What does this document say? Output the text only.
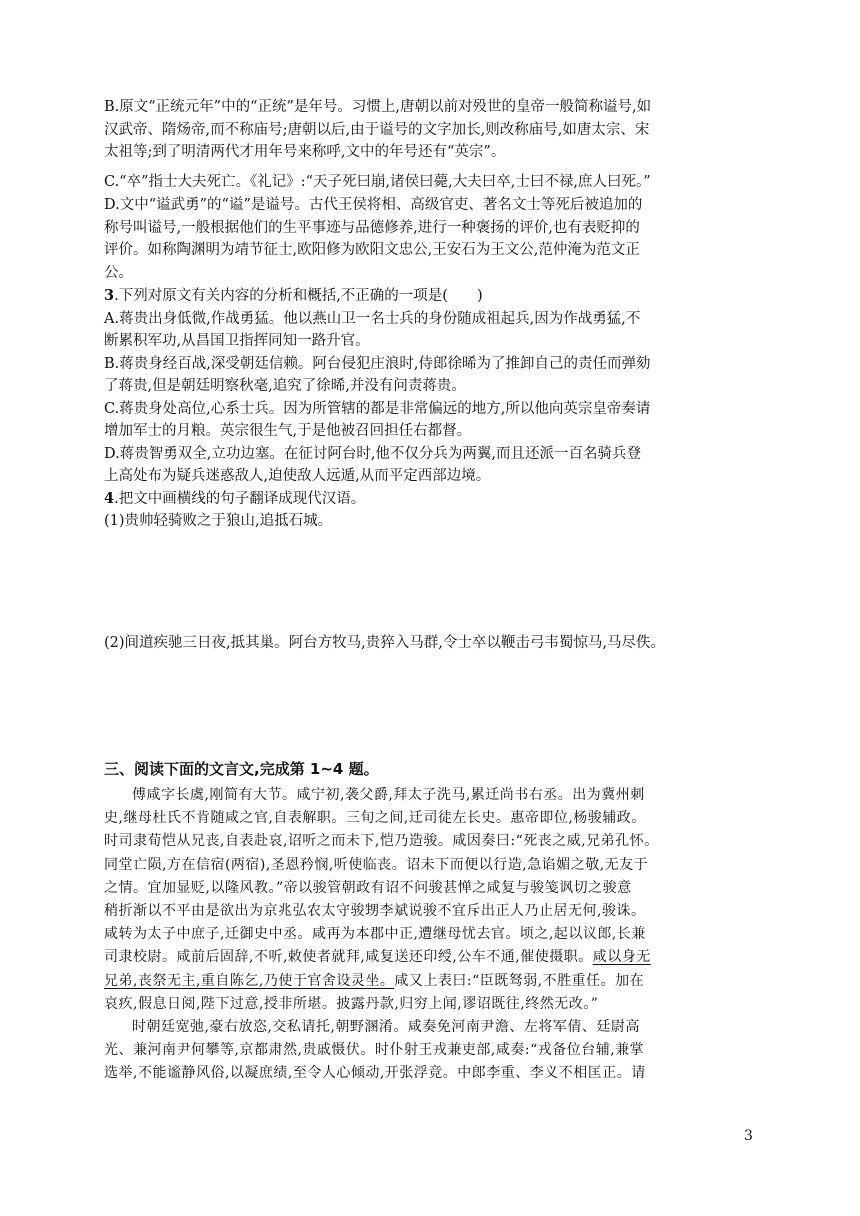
B.原文“正统元年”中的“正统”是年号。习惯上,唐朝以前对殁世的皇帝一般简称谥号,如
汉武帝、隋炀帝,而不称庙号;唐朝以后,由于谥号的文字加长,则改称庙号,如唐太宗、宋
太祖等;到了明清两代才用年号来称呼,文中的年号还有“英宗”。
C.“卒”指士大夫死亡。《礼记》:“天子死曰崩,诸侯曰薨,大夫曰卒,士曰不禄,庶人曰死。”
D.文中“谥武勇”的“谥”是谥号。古代王侯将相、高级官吏、著名文士等死后被追加的
称号叫谥号,一般根据他们的生平事迹与品德修养,进行一种褒扬的评价,也有表贬抑的
评价。如称陶渊明为靖节征士,欧阳修为欧阳文忠公,王安石为王文公,范仲淹为范文正
公。
3.下列对原文有关内容的分析和概括,不正确的一项是(　　)
A.蒋贵出身低微,作战勇猛。他以燕山卫一名士兵的身份随成祖起兵,因为作战勇猛,不
断累积军功,从昌国卫指挥同知一路升官。
B.蒋贵身经百战,深受朝廷信赖。阿台侵犯庄浪时,侍郎徐晞为了推卸自己的责任而弹劾
了蒋贵,但是朝廷明察秋毫,追究了徐晞,并没有问责蒋贵。
C.蒋贵身处高位,心系士兵。因为所管辖的都是非常偏远的地方,所以他向英宗皇帝奏请
增加军士的月粮。英宗很生气,于是他被召回担任右都督。
D.蒋贵智勇双全,立功边塞。在征讨阿台时,他不仅分兵为两翼,而且还派一百名骑兵登
上高处布为疑兵迷惑敌人,迫使敌人远遁,从而平定西部边境。
4.把文中画横线的句子翻译成现代汉语。
(1)贵帅轻骑败之于狼山,追抵石城。
(2)间道疾驰三日夜,抵其巢。阿台方牧马,贵猝入马群,令士卒以鞭击弓韦蜀惊马,马尽佚。
三、阅读下面的文言文,完成第 1~4 题。
傅咸字长虞,刚简有大节。咸宁初,袭父爵,拜太子洗马,累迁尚书右丞。出为冀州刺
史,继母杜氏不肯随咸之官,自表解职。三旬之间,迁司徒左长史。惠帝即位,杨骏辅政。
时司隶荀恺从兄丧,自表赴哀,诏听之而未下,恺乃造骏。咸因奏曰:“死丧之威,兄弟孔怀。
同堂亡陨,方在信宿(两宿),圣恩矜悯,听使临丧。诏未下而便以行造,急谄媚之敬,无友于
之情。宜加显贬,以隆风教。”帝以骏管朝政有诏不问骏甚惮之咸复与骏笺讽切之骏意
稍折渐以不平由是欲出为京兆弘农太守骏甥李斌说骏不宜斥出正人乃止居无何,骏诛。
咸转为太子中庶子,迁御史中丞。咸再为本郡中正,遭继母忧去官。顷之,起以议郎,长兼
司隶校尉。咸前后固辞,不听,敕使者就拜,咸复送还印绶,公车不通,催使摄职。咸以身无
兄弟,丧祭无主,重自陈乞,乃使于官舍设灵坐。咸又上表曰:“臣既驽弱,不胜重任。加在
哀疚,假息日阅,陛下过意,授非所堪。披露丹款,归穷上闻,谬诏既往,终然无改。”
时朝廷宽弛,豪右放恣,交私请托,朝野溷淆。咸奏免河南尹澹、左将军倩、廷尉高
光、兼河南尹何攀等,京都肃然,贵戚慑伏。时仆射王戎兼吏部,咸奏:“戎备位台辅,兼掌
选举,不能谧静风俗,以凝庶绩,至令人心倾动,开张浮竞。中郎李重、李义不相匡正。请
3
